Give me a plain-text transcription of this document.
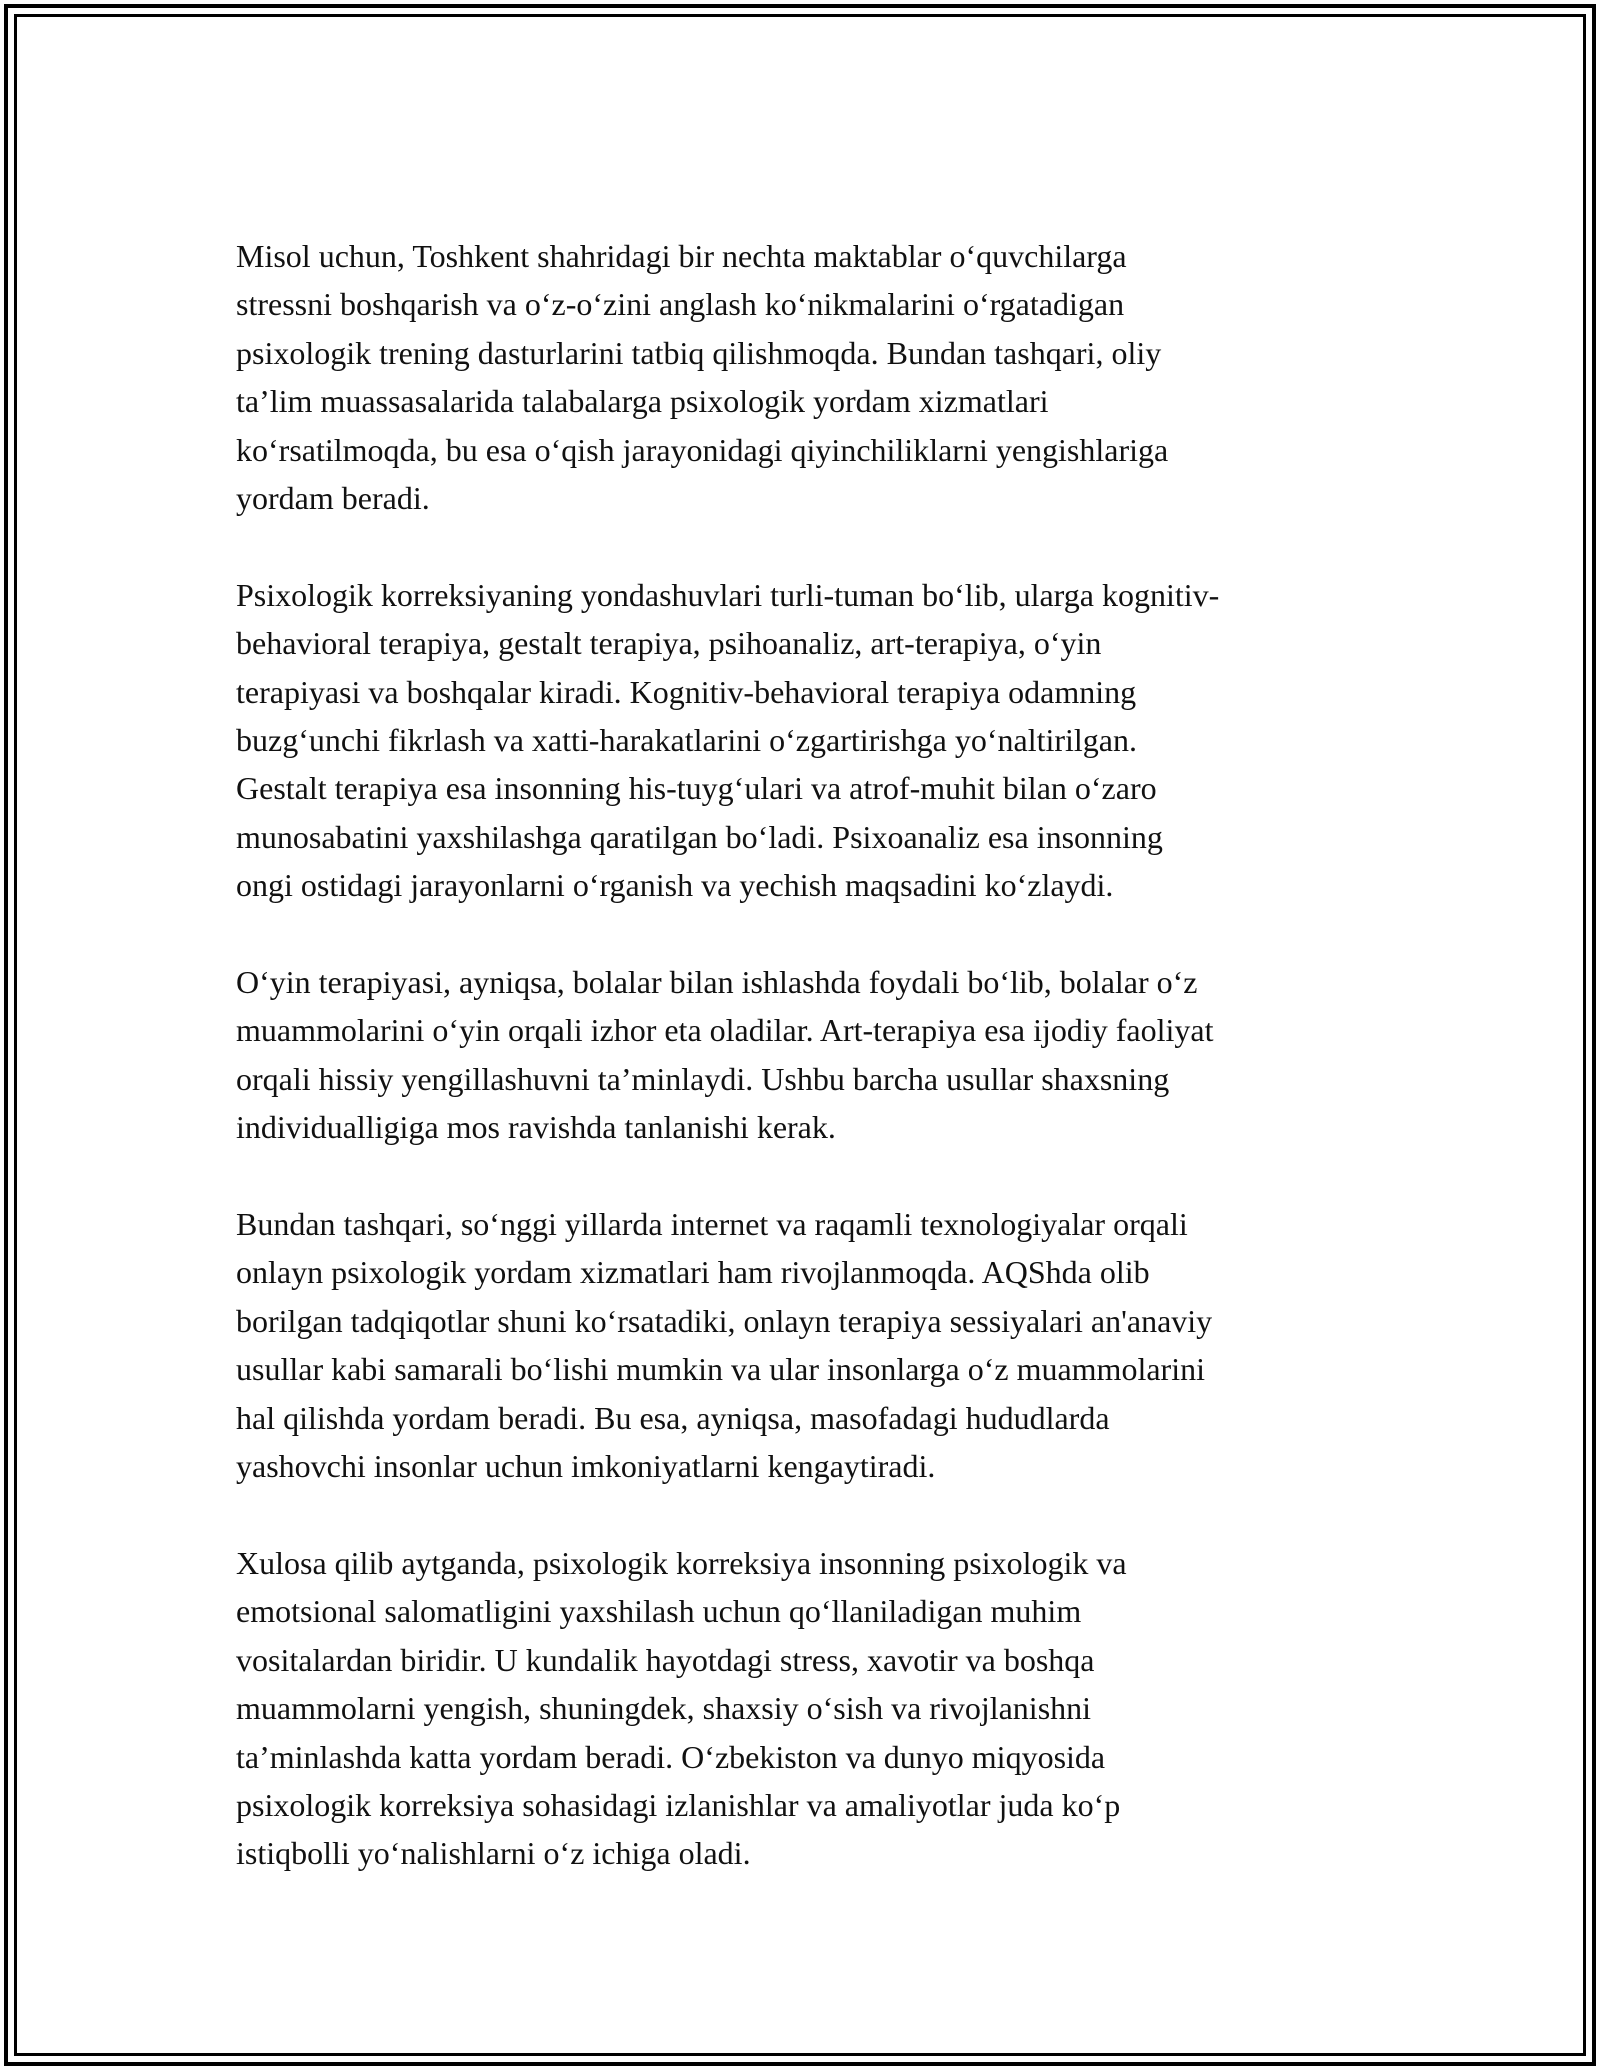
Misol uchun, Toshkent shahridagi bir nechta maktablar o‘quvchilarga
stressni boshqarish va o‘z-o‘zini anglash ko‘nikmalarini o‘rgatadigan
psixologik trening dasturlarini tatbiq qilishmoqda. Bundan tashqari, oliy
ta’lim muassasalarida talabalarga psixologik yordam xizmatlari
ko‘rsatilmoqda, bu esa o‘qish jarayonidagi qiyinchiliklarni yengishlariga
yordam beradi.

Psixologik korreksiyaning yondashuvlari turli-tuman bo‘lib, ularga kognitiv-
behavioral terapiya, gestalt terapiya, psihoanaliz, art-terapiya, o‘yin
terapiyasi va boshqalar kiradi. Kognitiv-behavioral terapiya odamning
buzg‘unchi fikrlash va xatti-harakatlarini o‘zgartirishga yo‘naltirilgan.
Gestalt terapiya esa insonning his-tuyg‘ulari va atrof-muhit bilan o‘zaro
munosabatini yaxshilashga qaratilgan bo‘ladi. Psixoanaliz esa insonning
ongi ostidagi jarayonlarni o‘rganish va yechish maqsadini ko‘zlaydi.

O‘yin terapiyasi, ayniqsa, bolalar bilan ishlashda foydali bo‘lib, bolalar o‘z
muammolarini o‘yin orqali izhor eta oladilar. Art-terapiya esa ijodiy faoliyat
orqali hissiy yengillashuvni ta’minlaydi. Ushbu barcha usullar shaxsning
individualligiga mos ravishda tanlanishi kerak.

Bundan tashqari, so‘nggi yillarda internet va raqamli texnologiyalar orqali
onlayn psixologik yordam xizmatlari ham rivojlanmoqda. AQShda olib
borilgan tadqiqotlar shuni ko‘rsatadiki, onlayn terapiya sessiyalari an'anaviy
usullar kabi samarali bo‘lishi mumkin va ular insonlarga o‘z muammolarini
hal qilishda yordam beradi. Bu esa, ayniqsa, masofadagi hududlarda
yashovchi insonlar uchun imkoniyatlarni kengaytiradi.

Xulosa qilib aytganda, psixologik korreksiya insonning psixologik va
emotsional salomatligini yaxshilash uchun qo‘llaniladigan muhim
vositalardan biridir. U kundalik hayotdagi stress, xavotir va boshqa
muammolarni yengish, shuningdek, shaxsiy o‘sish va rivojlanishni
ta’minlashda katta yordam beradi. O‘zbekiston va dunyo miqyosida
psixologik korreksiya sohasidagi izlanishlar va amaliyotlar juda ko‘p
istiqbolli yo‘nalishlarni o‘z ichiga oladi.
